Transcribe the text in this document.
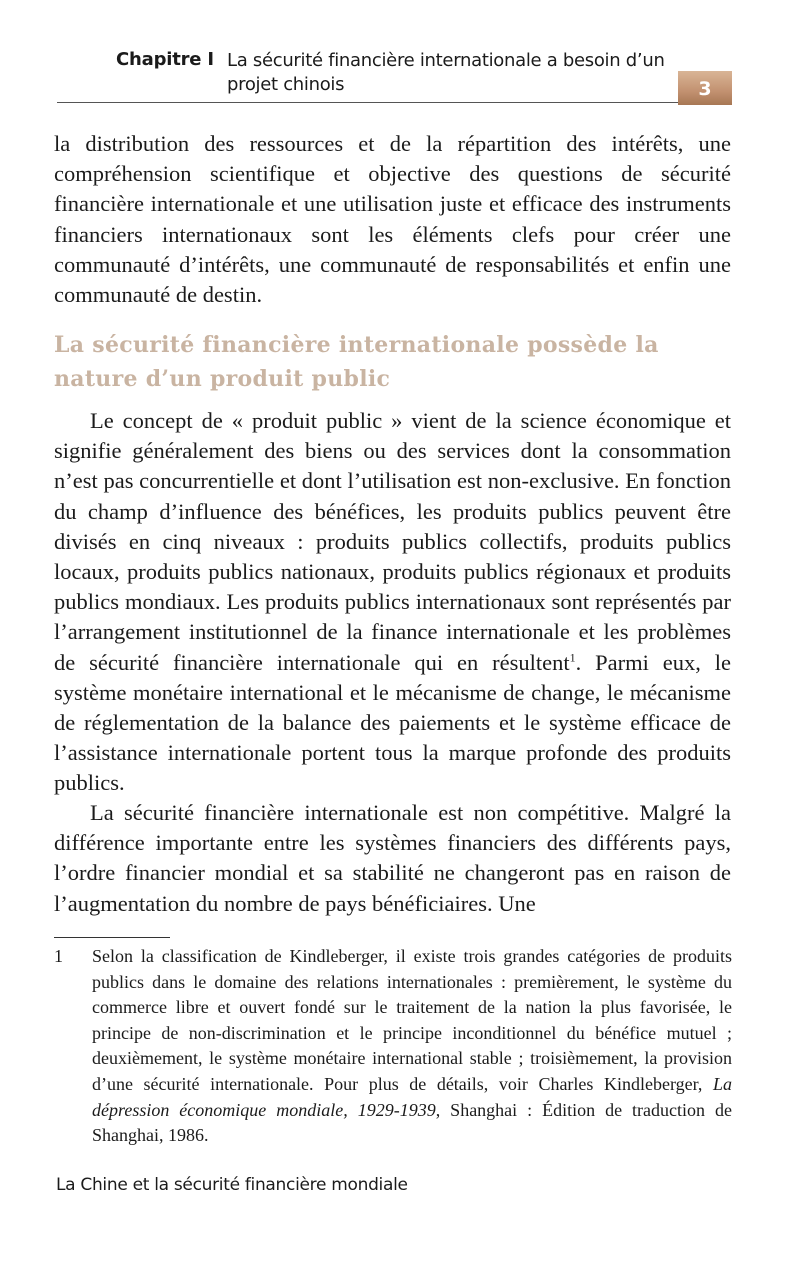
Chapitre I La sécurité financière internationale a besoin d’un projet chinois	3

la distribution des ressources et de la répartition des intérêts, une compréhension scientifique et objective des questions de sécurité financière internationale et une utilisation juste et efficace des instruments financiers internationaux sont les éléments clefs pour créer une communauté d’intérêts, une communauté de responsabilités et enfin une communauté de destin.

La sécurité financière internationale possède la nature d’un produit public

Le concept de « produit public » vient de la science économique et signifie généralement des biens ou des services dont la consommation n’est pas concurrentielle et dont l’utilisation est non-exclusive. En fonction du champ d’influence des bénéfices, les produits publics peuvent être divisés en cinq niveaux : produits publics collectifs, produits publics locaux, produits publics nationaux, produits publics régionaux et produits publics mondiaux. Les produits publics internationaux sont représentés par l’arrangement institutionnel de la finance internationale et les problèmes de sécurité financière internationale qui en résultent$^1$. Parmi eux, le système monétaire international et le mécanisme de change, le mécanisme de réglementation de la balance des paiements et le système efficace de l’assistance internationale portent tous la marque profonde des produits publics.

La sécurité financière internationale est non compétitive. Malgré la différence importante entre les systèmes financiers des différents pays, l’ordre financier mondial et sa stabilité ne changeront pas en raison de l’augmentation du nombre de pays bénéficiaires. Une

1 Selon la classification de Kindleberger, il existe trois grandes catégories de produits publics dans le domaine des relations internationales : premièrement, le système du commerce libre et ouvert fondé sur le traitement de la nation la plus favorisée, le principe de non-discrimination et le principe inconditionnel du bénéfice mutuel ; deuxièmement, le système monétaire international stable ; troisièmement, la provision d’une sécurité internationale. Pour plus de détails, voir Charles Kindleberger, La dépression économique mondiale, 1929-1939, Shanghai : Édition de traduction de Shanghai, 1986.

La Chine et la sécurité financière mondiale
